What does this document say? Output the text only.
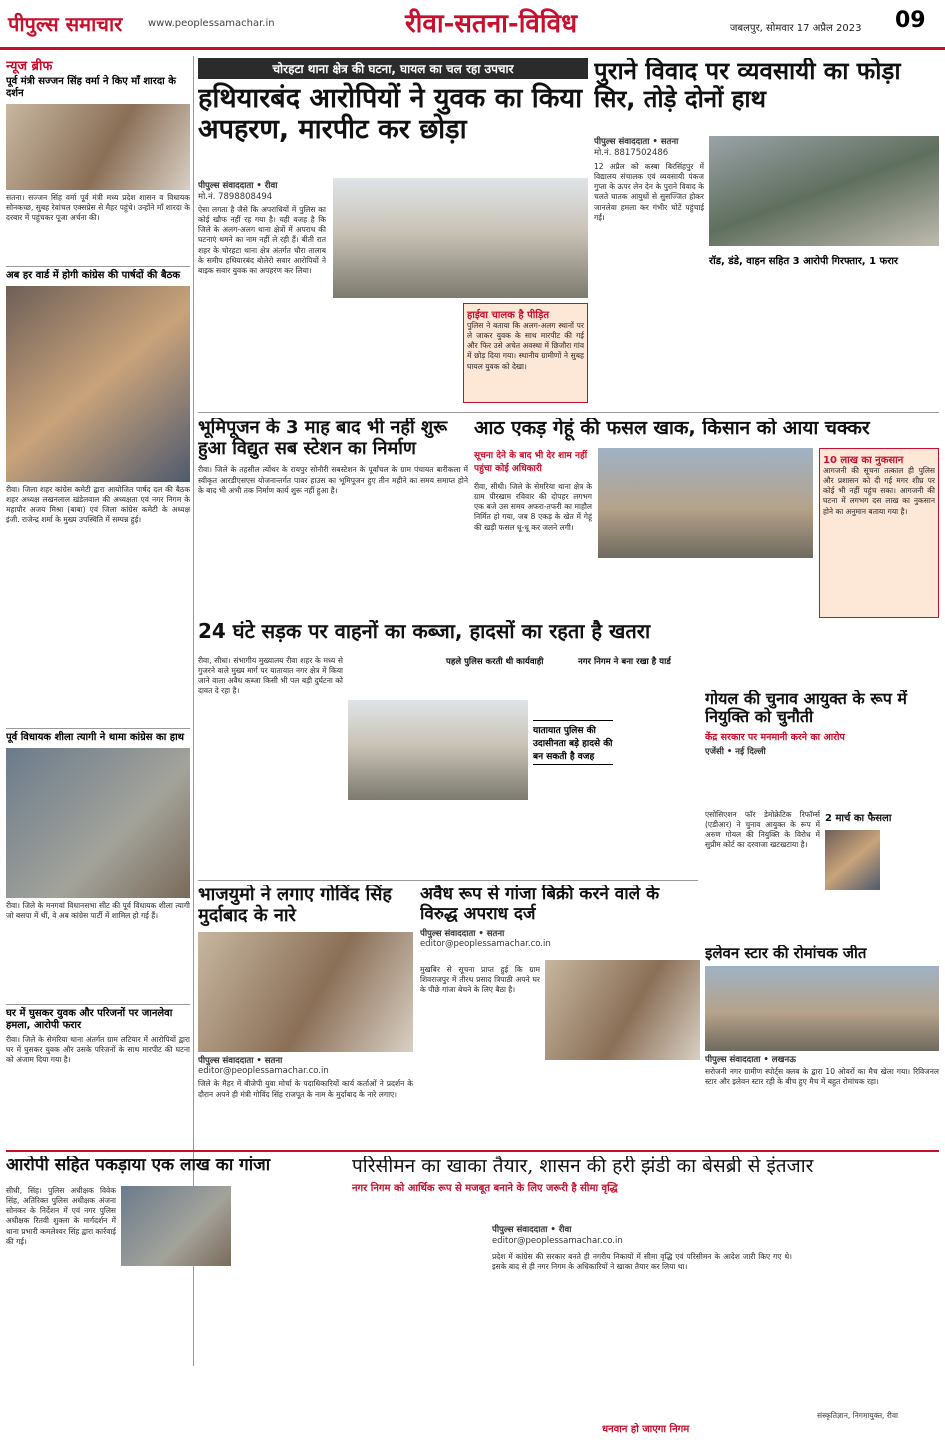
पीपुल्स समाचार	www.peoplessamachar.in	रीवा-सतना-विविध	जबलपुर, सोमवार 17 अप्रैल 2023 09
न्यूज ब्रीफ
पूर्व मंत्री सज्जन सिंह वर्मा ने किए माँ शारदा के दर्शन
सतना। सज्जन सिंह वर्मा पूर्व मंत्री मध्य प्रदेश शासन व विधायक सोनकच्छ, सुबह रेवांचल एक्सप्रेस से मैहर पहुंचे। उन्होंने माँ शारदा के दरबार में पहुंचकर पूजा अर्चना की।
अब हर वार्ड में होगी कांग्रेस की पार्षदों की बैठक
रीवा। जिला शहर कांग्रेस कमेटी द्वारा आयोजित पार्षद दल की बैठक शहर अध्यक्ष लखनलाल खंडेलवाल की अध्यक्षता एवं नगर निगम के महापौर अजय मिश्रा (बाबा) एवं जिला कांग्रेस कमेटी के अध्यक्ष इंजी. राजेन्द्र शर्मा के मुख्य उपस्थिति में सम्पन्न हुई।
पूर्व विधायक शीला त्यागी ने थामा कांग्रेस का हाथ
रीवा। जिले के मनगवां विधानसभा सीट की पूर्व विधायक शीला त्यागी जो बसपा में थीं, वे अब कांग्रेस पार्टी में शामिल हो गई हैं।
घर में घुसकर युवक और परिजनों पर जानलेवा हमला, आरोपी फरार
रीवा। जिले के सेमरिया थाना अंतर्गत ग्राम लटियार में आरोपियों द्वारा घर में घुसकर युवक और उसके परिजनों के साथ मारपीट की घटना को अंजाम दिया गया है।
चोरहटा थाना क्षेत्र की घटना, घायल का चल रहा उपचार
हथियारबंद आरोपियों ने युवक का किया अपहरण, मारपीट कर छोड़ा
पीपुल्स संवाददाता • रीवा
मो.नं. 7898808494
ऐसा लगता है जैसे कि अपराधियों में पुलिस का कोई खौफ नहीं रह गया है। यही वजह है कि जिले के अलग-अलग थाना क्षेत्रों में अपराध की घटनाएं थमने का नाम नहीं ले रही हैं। बीती रात शहर के चोरहटा थाना क्षेत्र अंतर्गत चौरा तालाब के समीप हथियारबंद बोलेरो सवार आरोपियों ने बाइक सवार युवक का अपहरण कर लिया।
हाईवा चालक है पीड़ित
पुलिस ने बताया कि अलग-अलग स्थानों पर ले जाकर युवक के साथ मारपीट की गई और फिर उसे अचेत अवस्था में छिजौरा गांव में छोड़ दिया गया। स्थानीय ग्रामीणों ने सुबह घायल युवक को देखा।
पुराने विवाद पर व्यवसायी का फोड़ा सिर, तोड़े दोनों हाथ
पीपुल्स संवाददाता • सतना
मो.नं. 8817502486
12 अप्रैल को कस्बा बिरसिंहपुर में विद्यालय संचालक एवं व्यवसायी पंकज गुप्ता के ऊपर लेन देन के पुराने विवाद के चलते घातक आयुधों से सुसज्जित होकर जानलेवा हमला कर गंभीर चोटें पहुंचाई गईं।
रॉड, डंडे, वाहन सहित 3 आरोपी गिरफ्तार, 1 फरार
भूमिपूजन के 3 माह बाद भी नहीं शुरू हुआ विद्युत सब स्टेशन का निर्माण
रीवा। जिले के तहसील त्योंथर के रायपुर सोनौरी सबस्टेशन के पूर्वांचल के ग्राम पंचायत बारीकला में स्वीकृत आरडीएसएस योजनान्तर्गत पावर हाउस का भूमिपूजन हुए तीन महीने का समय समाप्त होने के बाद भी अभी तक निर्माण कार्य शुरू नहीं हुआ है।
आठ एकड़ गेहूं की फसल खाक, किसान को आया चक्कर
सूचना देने के बाद भी देर शाम नहीं पहुंचा कोई अधिकारी
रीवा, सीधी। जिले के सेमरिया थाना क्षेत्र के ग्राम पीरखाम रविवार की दोपहर लगभग एक बजे उस समय अफरा-तफरी का माहौल निर्मित हो गया, जब 8 एकड़ के खेत में गेहूं की खड़ी फसल धू-धू कर जलने लगी।
10 लाख का नुकसान
आगजनी की सूचना तत्काल ही पुलिस और प्रशासन को दी गई मगर शीघ्र पर कोई भी नहीं पहुंच सका। आगजनी की घटना में लगभग दस लाख का नुकसान होने का अनुमान बताया गया है।
24 घंटे सड़क पर वाहनों का कब्जा, हादसों का रहता है खतरा
रीवा, सीधा। संभागीय मुख्यालय रीवा शहर के मध्य से गुजरने वाले मुख्य मार्ग पर यातायात नगर क्षेत्र में किया जाने वाला अवैध कब्जा किसी भी पल बड़ी दुर्घटना को दावत दे रहा है।
पहले पुलिस करती थी कार्यवाही	नगर निगम ने बना रखा है यार्ड
यातायात पुलिस की उदासीनता बड़े हादसे की बन सकती है वजह
गोयल की चुनाव आयुक्त के रूप में नियुक्ति को चुनौती
केंद्र सरकार पर मनमानी करने का आरोप
एजेंसी • नई दिल्ली
2 मार्च का फैसला
एसोसिएशन फॉर डेमोक्रेटिक रिफॉर्म्स (एडीआर) ने चुनाव आयुक्त के रूप में अरुण गोयल की नियुक्ति के विरोध में सुप्रीम कोर्ट का दरवाजा खटखटाया है।
भाजयुमो ने लगाए गोविंद सिंह मुर्दाबाद के नारे
पीपुल्स संवाददाता • सतना
editor@peoplessamachar.co.in
जिले के मैहर में बीजेपी युवा मोर्चा के पदाधिकारियों कार्य कर्ताओं ने प्रदर्शन के दौरान अपने ही मंत्री गोविंद सिंह राजपूत के नाम के मुर्दाबाद के नारे लगाए।
अवैध रूप से गांजा बिक्री करने वाले के विरुद्ध अपराध दर्ज
पीपुल्स संवाददाता • सतना
editor@peoplessamachar.co.in
मुखबिर से सूचना प्राप्त हुई कि ग्राम शिवराजपुर में तीरथ प्रसाद त्रिपाठी अपने घर के पीछे गांजा बेचने के लिए बैठा है।
इलेवन स्टार की रोमांचक जीत
पीपुल्स संवाददाता • लखनऊ
सरोजनी नगर ग्रामीण स्पोर्ट्स क्लब के द्वारा 10 ओवरों का मैच खेला गया। रिविजनल स्टार और इलेवन स्टार रही के बीच हुए मैच में बहुत रोमांचक रहा।
आरोपी सहित पकड़ाया एक लाख का गांजा
सीधी, सिंह। पुलिस अधीक्षक विवेक सिंह, अतिरिक्त पुलिस अधीक्षक अंजना सोनकर के निर्देशन में एवं नगर पुलिस अधीक्षक रितवी शुक्ला के मार्गदर्शन में थाना प्रभारी कमलेश्वर सिंह द्वारा कार्रवाई की गई।
परिसीमन का खाका तैयार, शासन की हरी झंडी का बेसब्री से इंतजार
नगर निगम को आर्थिक रूप से मजबूत बनाने के लिए जरूरी है सीमा वृद्धि
पीपुल्स संवाददाता • रीवा
editor@peoplessamachar.co.in
प्रदेश में कांग्रेस की सरकार बनते ही नगरीय निकायों में सीमा वृद्धि एवं परिसीमन के आदेश जारी किए गए थे। इसके बाद से ही नगर निगम के अधिकारियों ने खाका तैयार कर लिया था।
धनवान हो जाएगा निगम
संस्कृतिज्ञान, निगमायुक्त, रीवा
